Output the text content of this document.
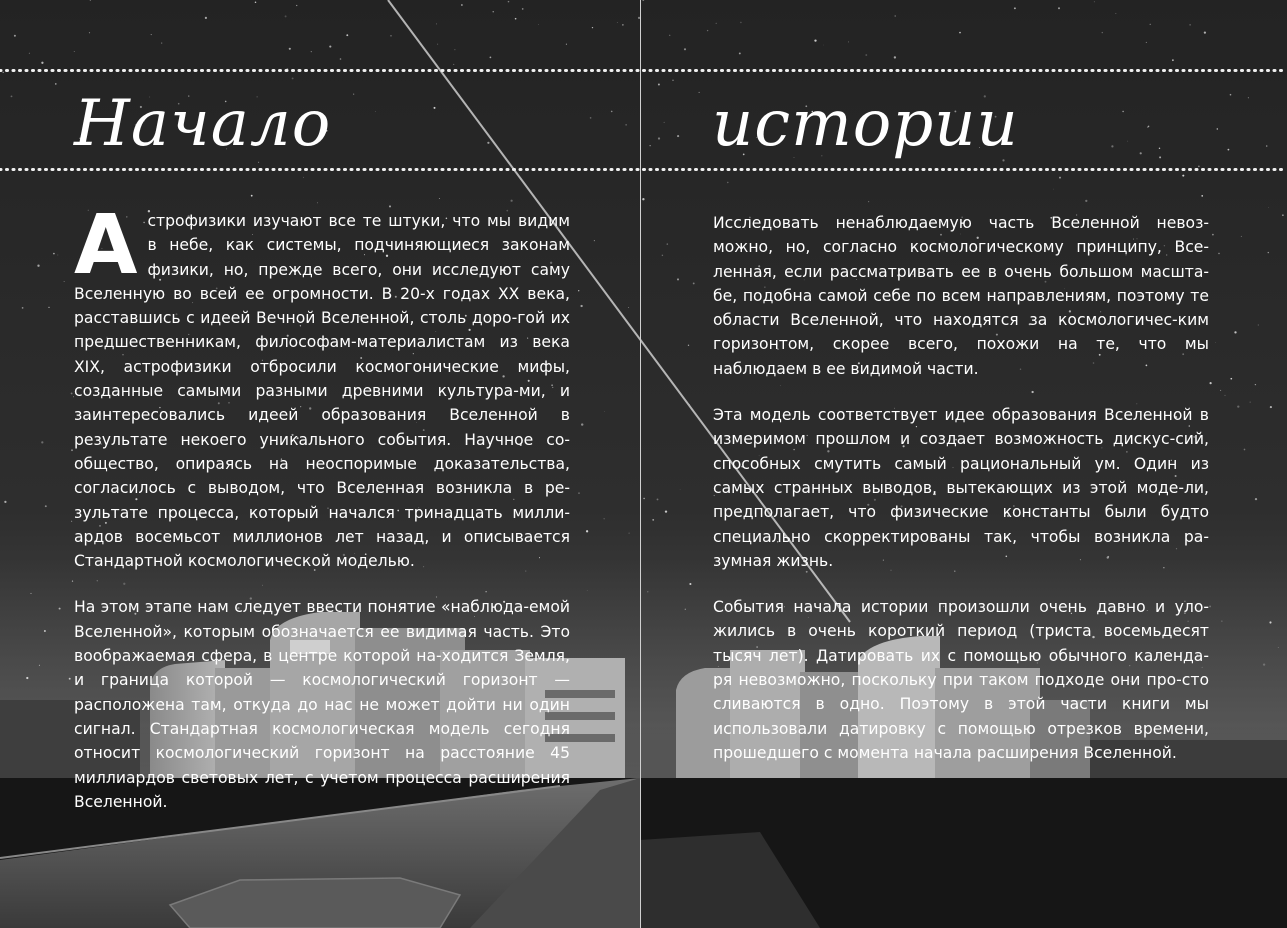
Начало	истории

Астрофизики изучают все те штуки, что мы видим в небе, как системы, подчиняющиеся законам физики, но, прежде всего, они исследуют саму Вселенную во всей ее огромности. В 20-х годах XX века, расставшись с идеей Вечной Вселенной, столь доро-гой их предшественникам, философам-материалистам из века XIX, астрофизики отбросили космогонические мифы, созданные самыми разными древними культура-ми, и заинтересовались идеей образования Вселенной в результате некоего уникального события. Научное со-общество, опираясь на неоспоримые доказательства, согласилось с выводом, что Вселенная возникла в ре-зультате процесса, который начался тринадцать милли-ардов восемьсот миллионов лет назад, и описывается Стандартной космологической моделью.

На этом этапе нам следует ввести понятие «наблюда-емой Вселенной», которым обозначается ее видимая часть. Это воображаемая сфера, в центре которой на-ходится Земля, и граница которой — космологический горизонт — расположена там, откуда до нас не может дойти ни один сигнал. Стандартная космологическая модель сегодня относит космологический горизонт на расстояние 45 миллиардов световых лет, с учетом процесса расширения Вселенной.

Исследовать ненаблюдаемую часть Вселенной невоз-можно, но, согласно космологическому принципу, Все-ленная, если рассматривать ее в очень большом масшта-бе, подобна самой себе по всем направлениям, поэтому те области Вселенной, что находятся за космологичес-ким горизонтом, скорее всего, похожи на те, что мы наблюдаем в ее видимой части.

Эта модель соответствует идее образования Вселенной в измеримом прошлом и создает возможность дискус-сий, способных смутить самый рациональный ум. Один из самых странных выводов, вытекающих из этой моде-ли, предполагает, что физические константы были будто специально скорректированы так, чтобы возникла ра-зумная жизнь.

События начала истории произошли очень давно и уло-жились в очень короткий период (триста восемьдесят тысяч лет). Датировать их с помощью обычного календа-ря невозможно, поскольку при таком подходе они про-сто сливаются в одно. Поэтому в этой части книги мы использовали датировку с помощью отрезков времени, прошедшего с момента начала расширения Вселенной.
